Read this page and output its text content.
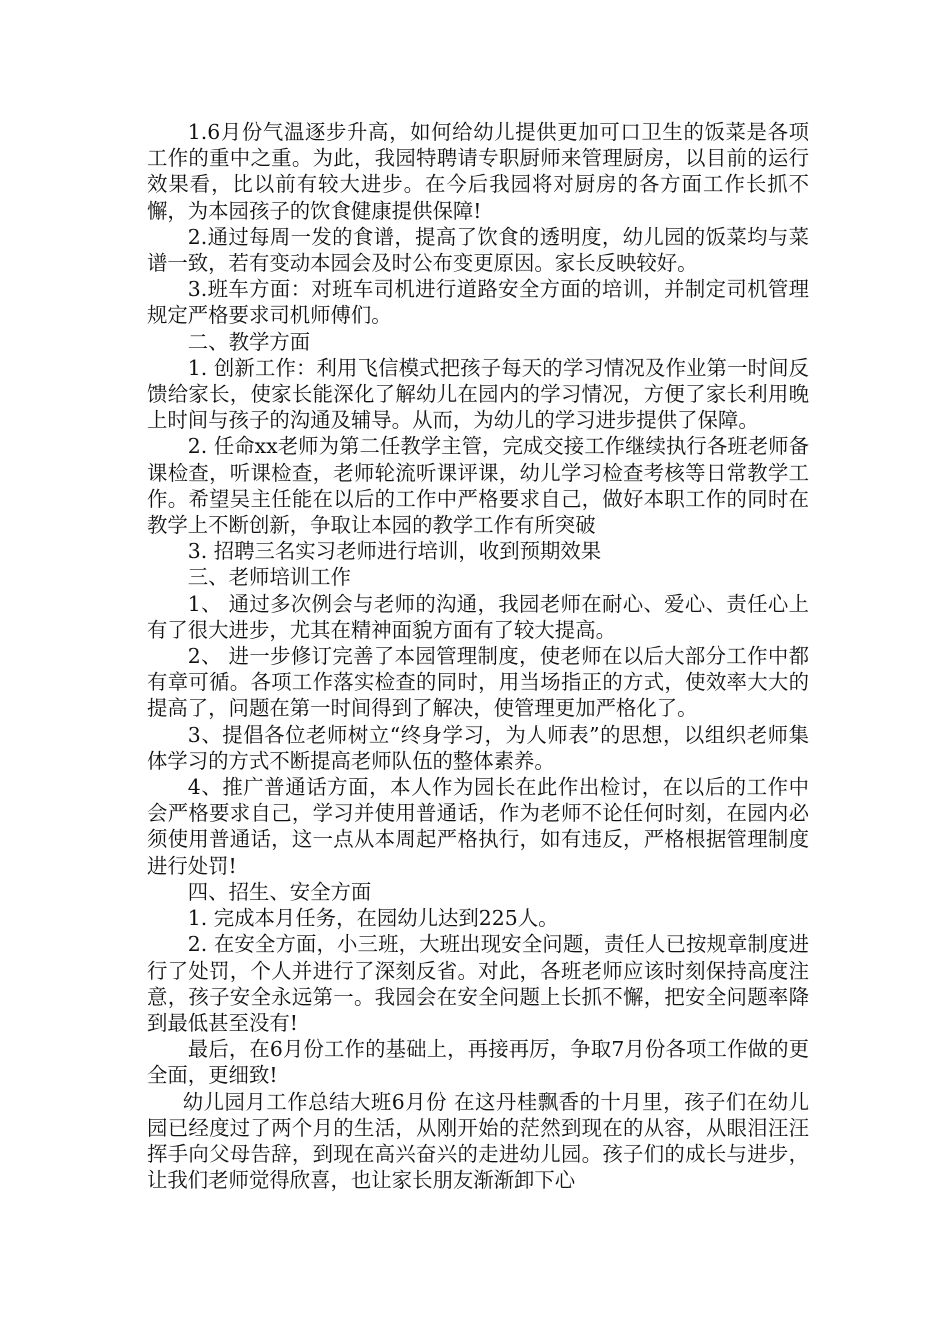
1.6月份气温逐步升高，如何给幼儿提供更加可口卫生的饭菜是各项工作的重中之重。为此，我园特聘请专职厨师来管理厨房，以目前的运行效果看，比以前有较大进步。在今后我园将对厨房的各方面工作长抓不懈，为本园孩子的饮食健康提供保障!

2.通过每周一发的食谱，提高了饮食的透明度，幼儿园的饭菜均与菜谱一致，若有变动本园会及时公布变更原因。家长反映较好。

3.班车方面：对班车司机进行道路安全方面的培训，并制定司机管理规定严格要求司机师傅们。

二、教学方面

1. 创新工作：利用飞信模式把孩子每天的学习情况及作业第一时间反馈给家长，使家长能深化了解幼儿在园内的学习情况，方便了家长利用晚上时间与孩子的沟通及辅导。从而，为幼儿的学习进步提供了保障。

2. 任命xx老师为第二任教学主管，完成交接工作继续执行各班老师备课检查，听课检查，老师轮流听课评课，幼儿学习检查考核等日常教学工作。希望吴主任能在以后的工作中严格要求自己，做好本职工作的同时在教学上不断创新，争取让本园的教学工作有所突破

3. 招聘三名实习老师进行培训，收到预期效果

三、老师培训工作

1、 通过多次例会与老师的沟通，我园老师在耐心、爱心、责任心上有了很大进步，尤其在精神面貌方面有了较大提高。

2、 进一步修订完善了本园管理制度，使老师在以后大部分工作中都有章可循。各项工作落实检查的同时，用当场指正的方式，使效率大大的提高了，问题在第一时间得到了解决，使管理更加严格化了。

3、提倡各位老师树立“终身学习，为人师表”的思想，以组织老师集体学习的方式不断提高老师队伍的整体素养。

4、推广普通话方面，本人作为园长在此作出检讨，在以后的工作中会严格要求自己，学习并使用普通话，作为老师不论任何时刻，在园内必须使用普通话，这一点从本周起严格执行，如有违反，严格根据管理制度进行处罚!

四、招生、安全方面

1. 完成本月任务，在园幼儿达到225人。

2. 在安全方面，小三班，大班出现安全问题，责任人已按规章制度进行了处罚，个人并进行了深刻反省。对此，各班老师应该时刻保持高度注意，孩子安全永远第一。我园会在安全问题上长抓不懈，把安全问题率降到最低甚至没有!

最后，在6月份工作的基础上，再接再厉，争取7月份各项工作做的更全面，更细致!

幼儿园月工作总结大班6月份 在这丹桂飘香的十月里，孩子们在幼儿园已经度过了两个月的生活，从刚开始的茫然到现在的从容，从眼泪汪汪挥手向父母告辞，到现在高兴奋兴的走进幼儿园。孩子们的成长与进步，让我们老师觉得欣喜，也让家长朋友渐渐卸下心
